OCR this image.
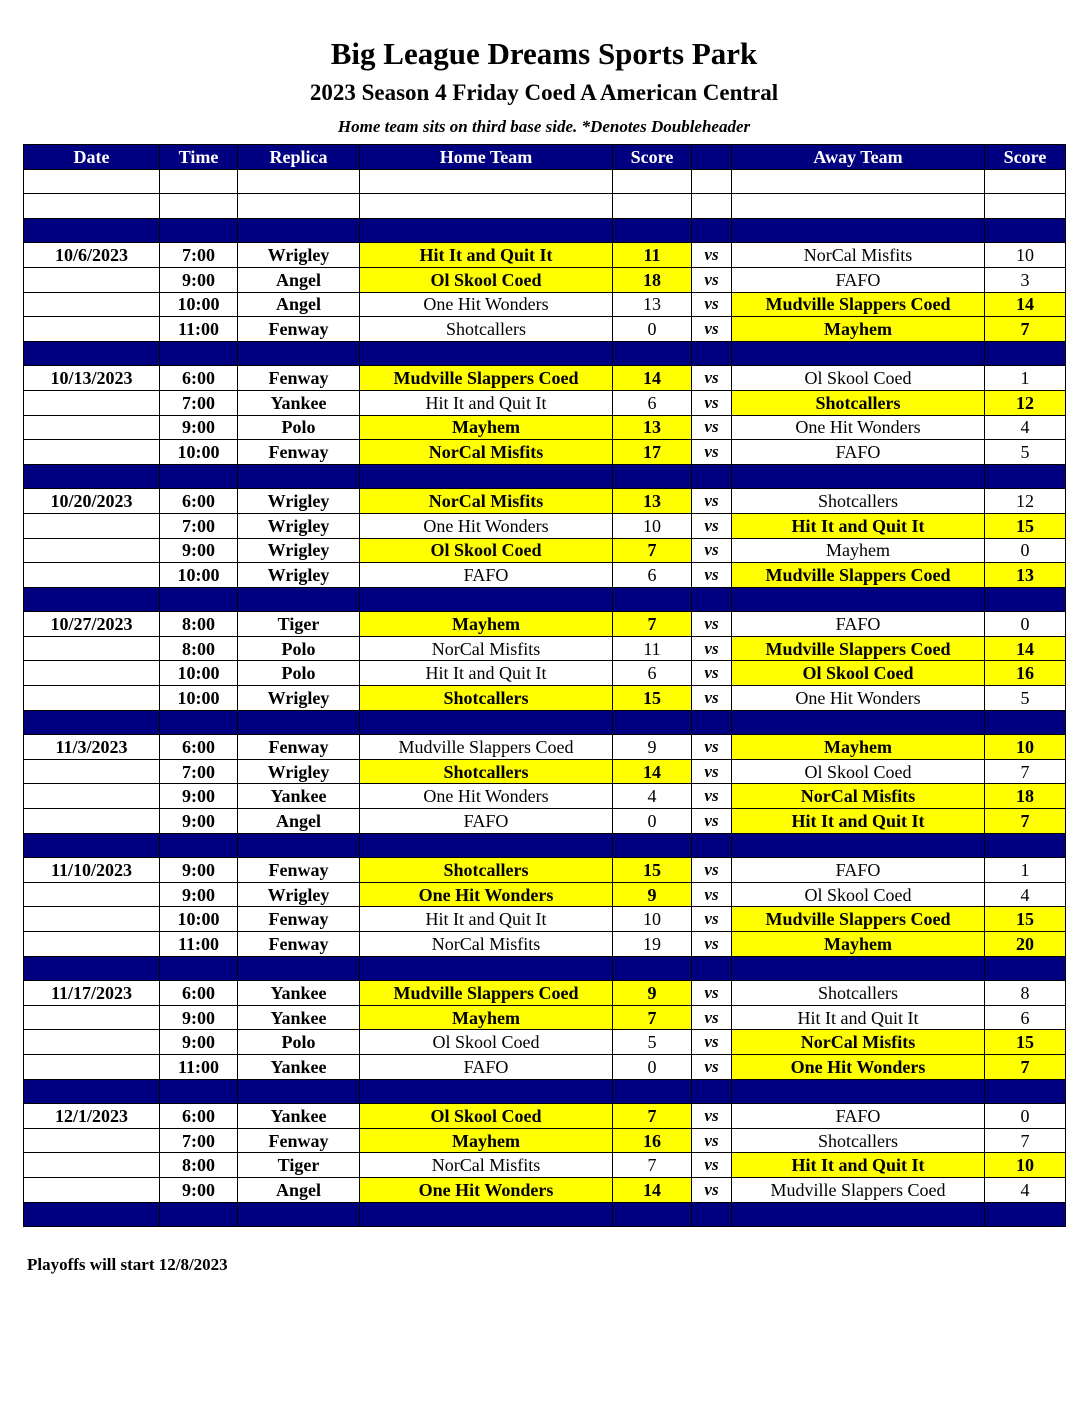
Big League Dreams Sports Park
2023 Season 4 Friday Coed A American Central
Home team sits on third base side. *Denotes Doubleheader
Date	Time	Replica	Home Team	Score		Away Team	Score

10/6/2023	7:00	Wrigley	Hit It and Quit It	11	vs	NorCal Misfits	10
	9:00	Angel	Ol Skool Coed	18	vs	FAFO	3
	10:00	Angel	One Hit Wonders	13	vs	Mudville Slappers Coed	14
	11:00	Fenway	Shotcallers	0	vs	Mayhem	7

10/13/2023	6:00	Fenway	Mudville Slappers Coed	14	vs	Ol Skool Coed	1
	7:00	Yankee	Hit It and Quit It	6	vs	Shotcallers	12
	9:00	Polo	Mayhem	13	vs	One Hit Wonders	4
	10:00	Fenway	NorCal Misfits	17	vs	FAFO	5

10/20/2023	6:00	Wrigley	NorCal Misfits	13	vs	Shotcallers	12
	7:00	Wrigley	One Hit Wonders	10	vs	Hit It and Quit It	15
	9:00	Wrigley	Ol Skool Coed	7	vs	Mayhem	0
	10:00	Wrigley	FAFO	6	vs	Mudville Slappers Coed	13

10/27/2023	8:00	Tiger	Mayhem	7	vs	FAFO	0
	8:00	Polo	NorCal Misfits	11	vs	Mudville Slappers Coed	14
	10:00	Polo	Hit It and Quit It	6	vs	Ol Skool Coed	16
	10:00	Wrigley	Shotcallers	15	vs	One Hit Wonders	5

11/3/2023	6:00	Fenway	Mudville Slappers Coed	9	vs	Mayhem	10
	7:00	Wrigley	Shotcallers	14	vs	Ol Skool Coed	7
	9:00	Yankee	One Hit Wonders	4	vs	NorCal Misfits	18
	9:00	Angel	FAFO	0	vs	Hit It and Quit It	7

11/10/2023	9:00	Fenway	Shotcallers	15	vs	FAFO	1
	9:00	Wrigley	One Hit Wonders	9	vs	Ol Skool Coed	4
	10:00	Fenway	Hit It and Quit It	10	vs	Mudville Slappers Coed	15
	11:00	Fenway	NorCal Misfits	19	vs	Mayhem	20

11/17/2023	6:00	Yankee	Mudville Slappers Coed	9	vs	Shotcallers	8
	9:00	Yankee	Mayhem	7	vs	Hit It and Quit It	6
	9:00	Polo	Ol Skool Coed	5	vs	NorCal Misfits	15
	11:00	Yankee	FAFO	0	vs	One Hit Wonders	7

12/1/2023	6:00	Yankee	Ol Skool Coed	7	vs	FAFO	0
	7:00	Fenway	Mayhem	16	vs	Shotcallers	7
	8:00	Tiger	NorCal Misfits	7	vs	Hit It and Quit It	10
	9:00	Angel	One Hit Wonders	14	vs	Mudville Slappers Coed	4

Playoffs will start 12/8/2023
